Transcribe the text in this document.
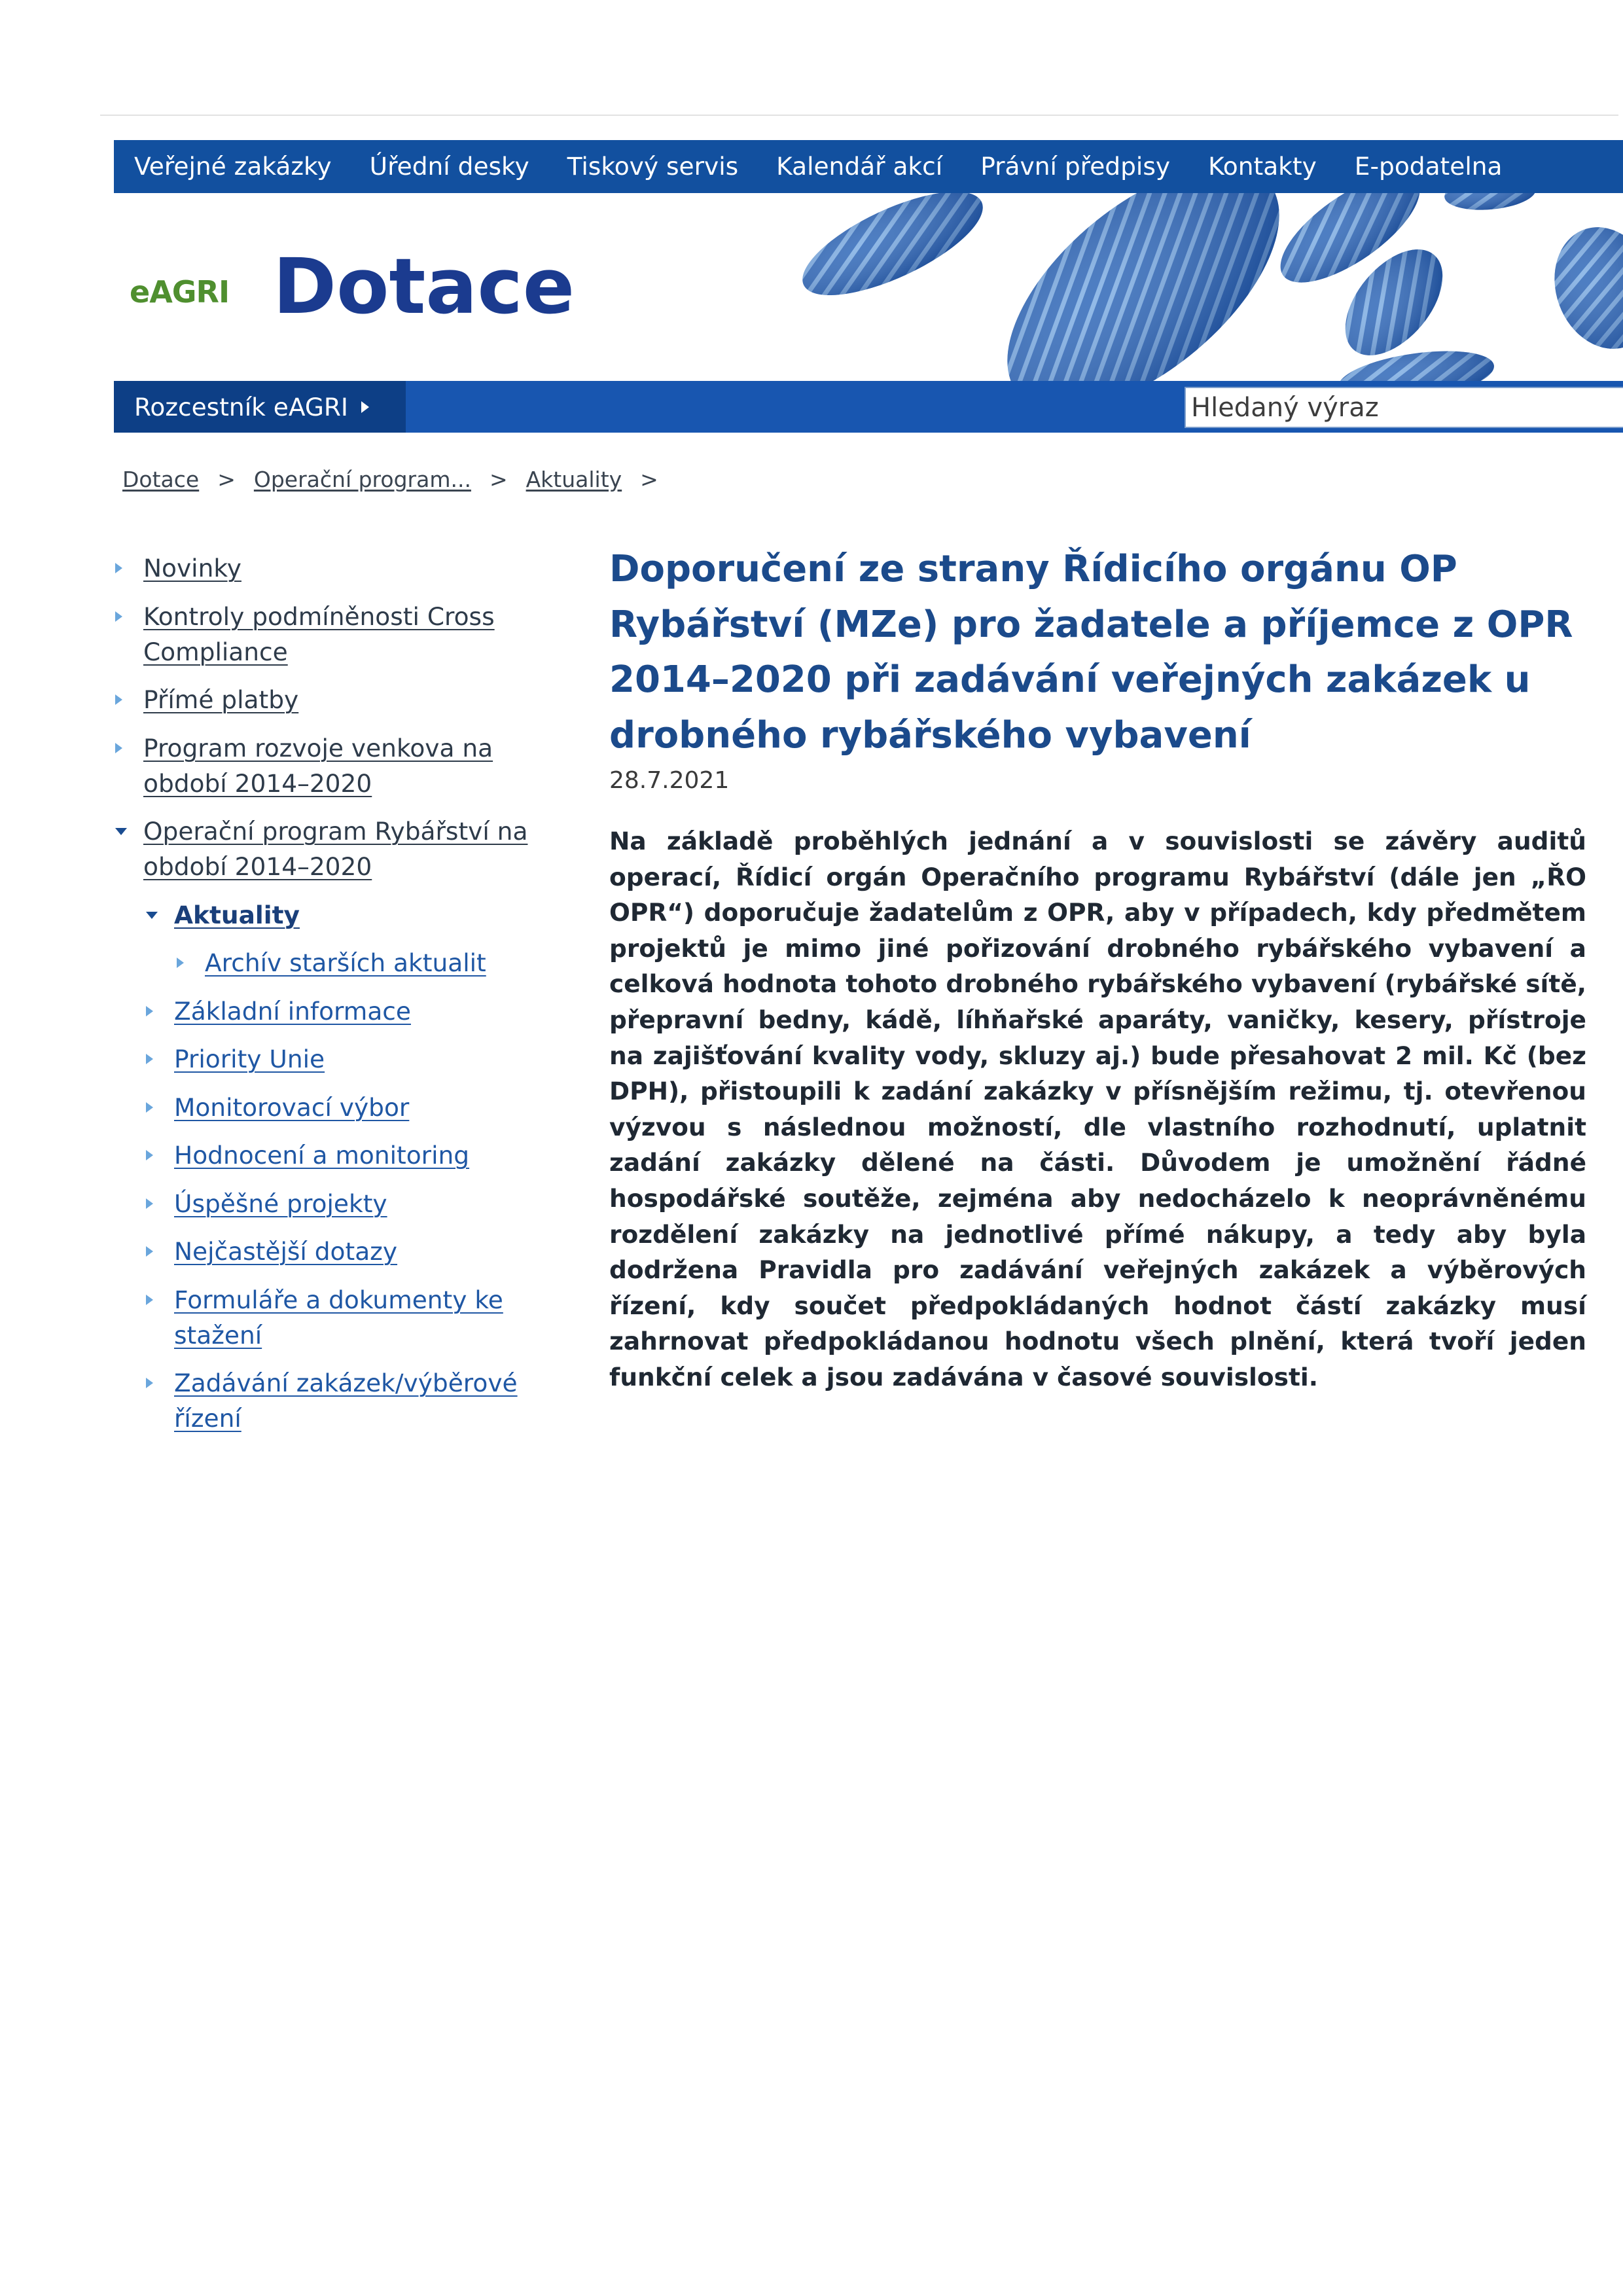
Veřejné zakázky Úřední desky Tiskový servis Kalendář akcí Právní předpisy Kontakty E-podatelna
eAGRI Dotace
Rozcestník eAGRI
Hledaný výraz
Dotace > Operační program... > Aktuality >
Novinky
Kontroly podmíněnosti Cross Compliance
Přímé platby
Program rozvoje venkova na období 2014–2020
Operační program Rybářství na období 2014–2020
Aktuality
Archív starších aktualit
Základní informace
Priority Unie
Monitorovací výbor
Hodnocení a monitoring
Úspěšné projekty
Nejčastější dotazy
Formuláře a dokumenty ke stažení
Zadávání zakázek/výběrové řízení
Doporučení ze strany Řídicího orgánu OP Rybářství (MZe) pro žadatele a příjemce z OPR 2014–2020 při zadávání veřejných zakázek u drobného rybářského vybavení
28.7.2021

Na základě proběhlých jednání a v souvislosti se závěry auditů operací, Řídicí orgán Operačního programu Rybářství (dále jen „ŘO OPR“) doporučuje žadatelům z OPR, aby v případech, kdy předmětem projektů je mimo jiné pořizování drobného rybářského vybavení a celková hodnota tohoto drobného rybářského vybavení (rybářské sítě, přepravní bedny, kádě, líhňařské aparáty, vaničky, kesery, přístroje na zajišťování kvality vody, skluzy aj.) bude přesahovat 2 mil. Kč (bez DPH), přistoupili k zadání zakázky v přísnějším režimu, tj. otevřenou výzvou s následnou možností, dle vlastního rozhodnutí, uplatnit zadání zakázky dělené na části. Důvodem je umožnění řádné hospodářské soutěže, zejména aby nedocházelo k neoprávněnému rozdělení zakázky na jednotlivé přímé nákupy, a tedy aby byla dodržena Pravidla pro zadávání veřejných zakázek a výběrových řízení, kdy součet předpokládaných hodnot částí zakázky musí zahrnovat předpokládanou hodnotu všech plnění, která tvoří jeden funkční celek a jsou zadávána v časové souvislosti.
